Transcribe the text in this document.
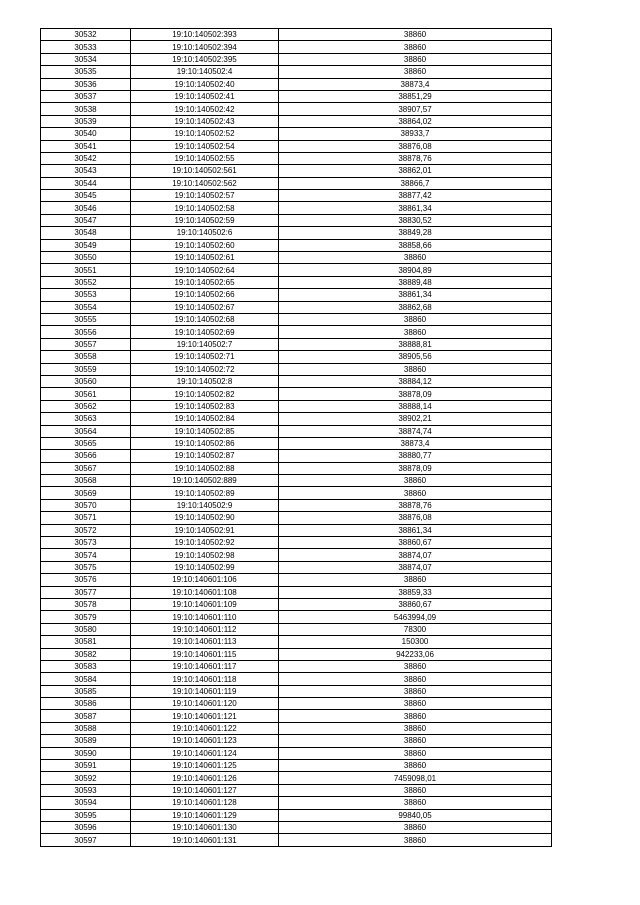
30532	19:10:140502:393	38860
30533	19:10:140502:394	38860
30534	19:10:140502:395	38860
30535	19:10:140502:4	38860
30536	19:10:140502:40	38873,4
30537	19:10:140502:41	38851,29
30538	19:10:140502:42	38907,57
30539	19:10:140502:43	38864,02
30540	19:10:140502:52	38933,7
30541	19:10:140502:54	38876,08
30542	19:10:140502:55	38878,76
30543	19:10:140502:561	38862,01
30544	19:10:140502:562	38866,7
30545	19:10:140502:57	38877,42
30546	19:10:140502:58	38861,34
30547	19:10:140502:59	38830,52
30548	19:10:140502:6	38849,28
30549	19:10:140502:60	38858,66
30550	19:10:140502:61	38860
30551	19:10:140502:64	38904,89
30552	19:10:140502:65	38889,48
30553	19:10:140502:66	38861,34
30554	19:10:140502:67	38862,68
30555	19:10:140502:68	38860
30556	19:10:140502:69	38860
30557	19:10:140502:7	38888,81
30558	19:10:140502:71	38905,56
30559	19:10:140502:72	38860
30560	19:10:140502:8	38884,12
30561	19:10:140502:82	38878,09
30562	19:10:140502:83	38888,14
30563	19:10:140502:84	38902,21
30564	19:10:140502:85	38874,74
30565	19:10:140502:86	38873,4
30566	19:10:140502:87	38880,77
30567	19:10:140502:88	38878,09
30568	19:10:140502:889	38860
30569	19:10:140502:89	38860
30570	19:10:140502:9	38878,76
30571	19:10:140502:90	38876,08
30572	19:10:140502:91	38861,34
30573	19:10:140502:92	38860,67
30574	19:10:140502:98	38874,07
30575	19:10:140502:99	38874,07
30576	19:10:140601:106	38860
30577	19:10:140601:108	38859,33
30578	19:10:140601:109	38860,67
30579	19:10:140601:110	5463994,09
30580	19:10:140601:112	78300
30581	19:10:140601:113	150300
30582	19:10:140601:115	942233,06
30583	19:10:140601:117	38860
30584	19:10:140601:118	38860
30585	19:10:140601:119	38860
30586	19:10:140601:120	38860
30587	19:10:140601:121	38860
30588	19:10:140601:122	38860
30589	19:10:140601:123	38860
30590	19:10:140601:124	38860
30591	19:10:140601:125	38860
30592	19:10:140601:126	7459098,01
30593	19:10:140601:127	38860
30594	19:10:140601:128	38860
30595	19:10:140601:129	99840,05
30596	19:10:140601:130	38860
30597	19:10:140601:131	38860
